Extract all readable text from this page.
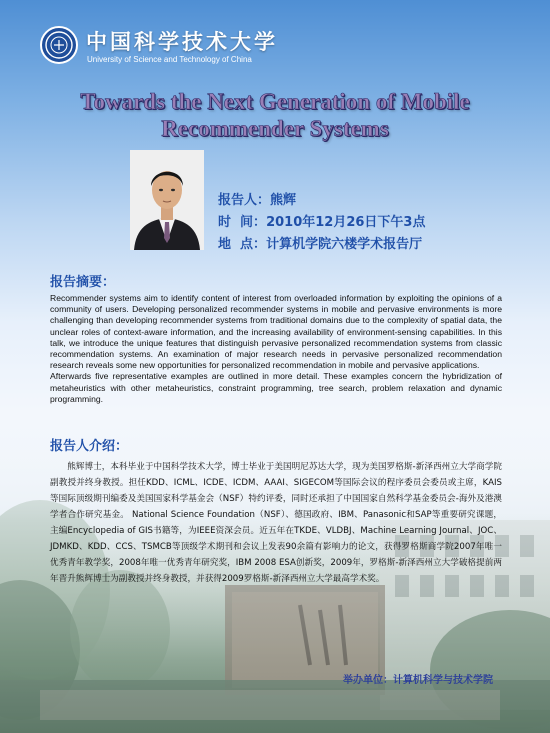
中国科学技术大学
University of Science and Technology of China
Towards the Next Generation of Mobile
Recommender Systems
报告人：熊辉
时  间：2010年12月26日下午3点
地  点：计算机学院六楼学术报告厅
报告摘要：

Recommender systems aim to identify content of interest from overloaded information by exploiting the opinions of a community of users. Developing personalized recommender systems in mobile and pervasive environments is more challenging than developing recommender systems from traditional domains due to the complexity of spatial data, the unclear roles of context-aware information, and the increasing availability of environment-sensing capabilities. In this talk, we introduce the unique features that distinguish pervasive personalized recommendation systems from classic recommendation systems. An examination of major research needs in pervasive personalized recommendation research reveals some new opportunities for personalized recommendation in mobile and pervasive applications.

Afterwards five representative examples are outlined in more detail. These examples concern the hybridization of metaheuristics with other metaheuristics, constraint programming, tree search, problem relaxation and dynamic programming.

报告人介绍：
熊辉博士，本科毕业于中国科学技术大学，博士毕业于美国明尼苏达大学，现为美国罗格斯-新泽西州立大学商学院副教授并终身教授。担任KDD、ICML、ICDE、ICDM、AAAI、SIGECOM等国际会议的程序委员会委员或主席，KAIS等国际顶级期刊编委及美国国家科学基金会（NSF）特约评委，同时还承担了中国国家自然科学基金委员会-海外及港澳学者合作研究基金。 National Science Foundation（NSF）、德国政府、IBM、Panasonic和SAP等重要研究课题，主编Encyclopedia of GIS书籍等，为IEEE资深会员。近五年在TKDE、VLDBJ、Machine Learning Journal、JOC、JDMKD、KDD、CCS、TSMCB等顶级学术期刊和会议上发表90余篇有影响力的论文，获得罗格斯商学院2007年唯一优秀青年教学奖，2008年唯一优秀青年研究奖，IBM 2008 ESA创新奖，2009年，罗格斯-新泽西州立大学破格提前两年晋升熊辉博士为副教授并终身教授，并获得2009罗格斯-新泽西州立大学最高学术奖。
举办单位：计算机科学与技术学院
